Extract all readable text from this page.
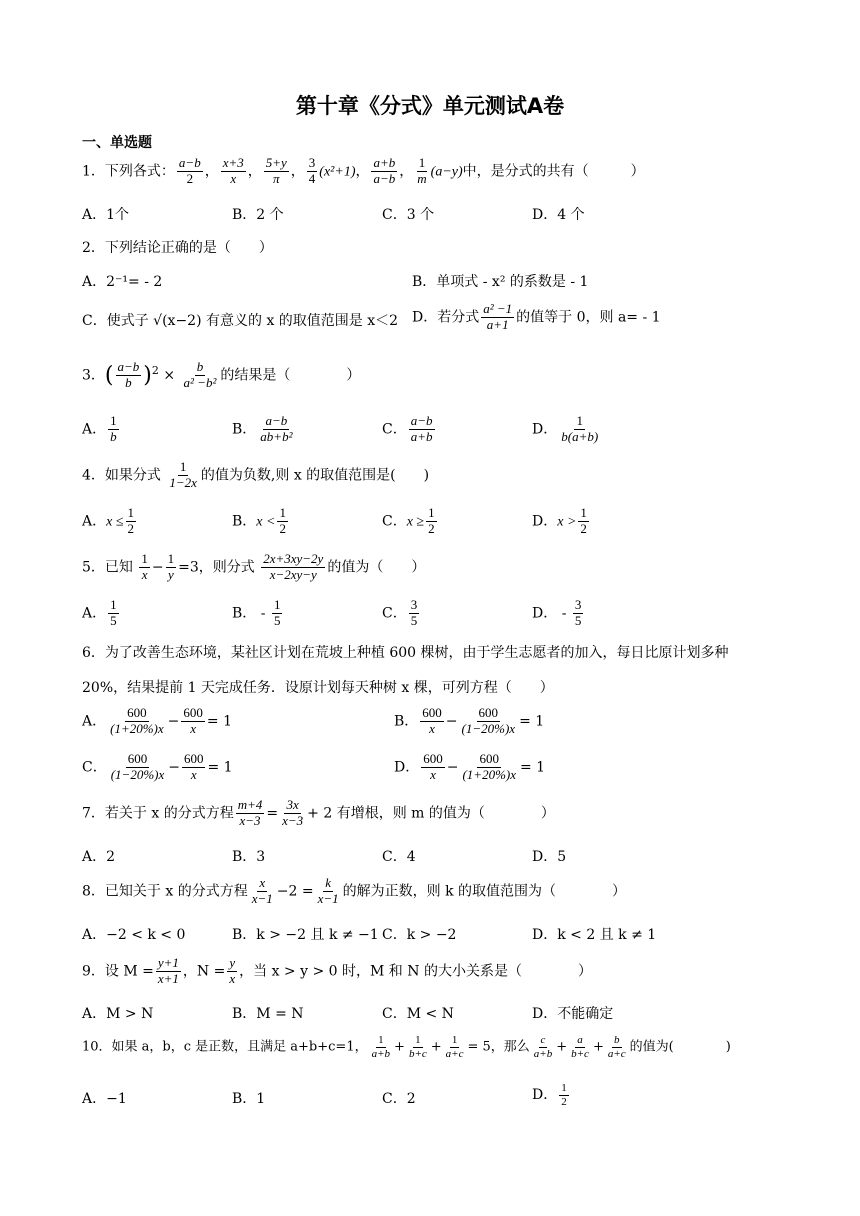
第十章《分式》单元测试A卷
一、单选题
1．下列各式： $\frac{a-b}{2}$ ， $\frac{x+3}{x}$ ， $\frac{5+y}{\pi}$ ， $\frac{3}{4} (x^2+1)$， $\frac{a+b}{a-b}$ ， $\frac{1}{m} (a-y)$中，是分式的共有（　　　）
A．1个	B．2 个	C．3 个	D．4 个
2．下列结论正确的是（　　）
A．2⁻¹= ‐ 2	B．单项式 ‐ x² 的系数是 ‐ 1
C．使式子 √(x−2) 有意义的 x 的取值范围是 x＜2 D．若分式 $\frac{\text{a² −1}}{a+1}$ 的值等于 0，则 a= ‐ 1
3．( $\frac{a-b}{b} )^2 \times \frac{b}{\text{a² −b²}}$ 的结果是（　　　　）
A． $\frac{1}{b}$	B． $\frac{a-b}{\text{ab+b²}}$	C． $\frac{a-b}{a+b}$	D． $\frac{1}{b(a+b)}$
4．如果分式 $\frac{1}{1-2x}$ 的值为负数,则 x 的取值范围是(　　)
A．$x \le \frac{1}{2}$	B．$x < \frac{1}{2}$	C．$x \ge \frac{1}{2}$	D．$x > \frac{1}{2}$
5．已知 $\frac{1}{x} - \frac{1}{y} =3$，则分式 $\frac{2x+3xy-2y}{x-2xy-y}$ 的值为（　　）
A． $\frac{1}{5}$	B． ‐ $\frac{1}{5}$	C． $\frac{3}{5}$	D． ‐ $\frac{3}{5}$
6．为了改善生态环境，某社区计划在荒坡上种植 600 棵树，由于学生志愿者的加入，每日比原计划多种
20%，结果提前 1 天完成任务．设原计划每天种树 x 棵，可列方程（　　）
A． $\frac{600}{(1+20\%)x} - \frac{600}{x} = 1$	B． $\frac{600}{x} - \frac{600}{(1-20\%)x} = 1$
C． $\frac{600}{(1-20\%)x} - \frac{600}{x} = 1$	D． $\frac{600}{x} - \frac{600}{(1+20\%)x} = 1$
7．若关于 x 的分式方程 $\frac{m+4}{x-3} = \frac{3x}{x-3} + 2$ 有增根，则 m 的值为（　　　　）
A．2	B．3	C．4	D．5
8．已知关于 x 的分式方程 $\frac{x}{x-1} -2 = \frac{k}{x-1}$ 的解为正数，则 k 的取值范围为（　　　　）
A．−2 < k < 0	B．k > −2 且 k ≠ −1 C．k > −2	D．k < 2 且 k ≠ 1
9．设 $M = \frac{y+1}{x+1}$ ，$N = \frac{y}{x}$ ，当 x > y > 0 时，M 和 N 的大小关系是（　　　　）
A．M > N	B．M = N	C．M < N	D．不能确定
10．如果 a，b，c 是正数，且满足 a+b+c=1， $\frac{1}{a+b} + \frac{1}{b+c} + \frac{1}{a+c} = 5$，那么 $\frac{c}{a+b} + \frac{a}{b+c} + \frac{b}{a+c}$ 的值为(　　　　)
A．−1	B．1	C．2	D． $\frac{1}{2}$
